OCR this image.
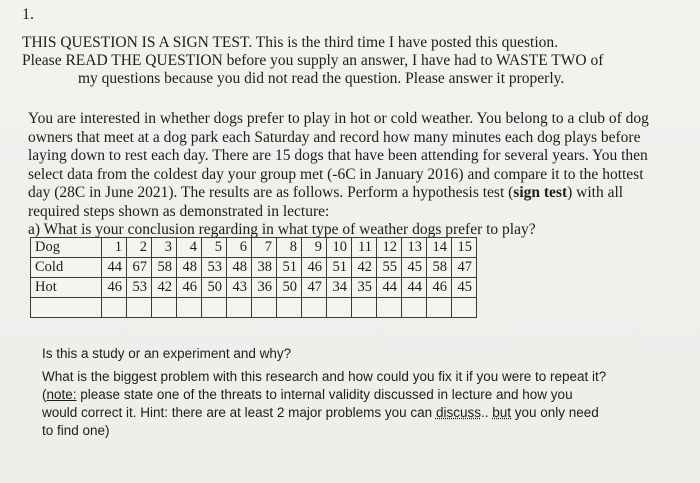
1.
THIS QUESTION IS A SIGN TEST. This is the third time I have posted this question.
Please READ THE QUESTION before you supply an answer, I have had to WASTE TWO of

my questions because you did not read the question. Please answer it properly.
You are interested in whether dogs prefer to play in hot or cold weather. You belong to a club of dog owners that meet at a dog park each Saturday and record how many minutes each dog plays before laying down to rest each day. There are 15 dogs that have been attending for several years. You then select data from the coldest day your group met (-6C in January 2016) and compare it to the hottest day (28C in June 2021). The results are as follows. Perform a hypothesis test (sign test) with all required steps shown as demonstrated in lecture:
a) What is your conclusion regarding in what type of weather dogs prefer to play?
Dog	1	2	3	4	5	6	7	8	9	10	11	12	13	14	15
Cold	44	67	58	48	53	48	38	51	46	51	42	55	45	58	47
Hot	46	53	42	46	50	43	36	50	47	34	35	44	44	46	45

Is this a study or an experiment and why?
What is the biggest problem with this research and how could you fix it if you were to repeat it?
(note: please state one of the threats to internal validity discussed in lecture and how you
would correct it. Hint: there are at least 2 major problems you can discuss.. but you only need
to find one)
